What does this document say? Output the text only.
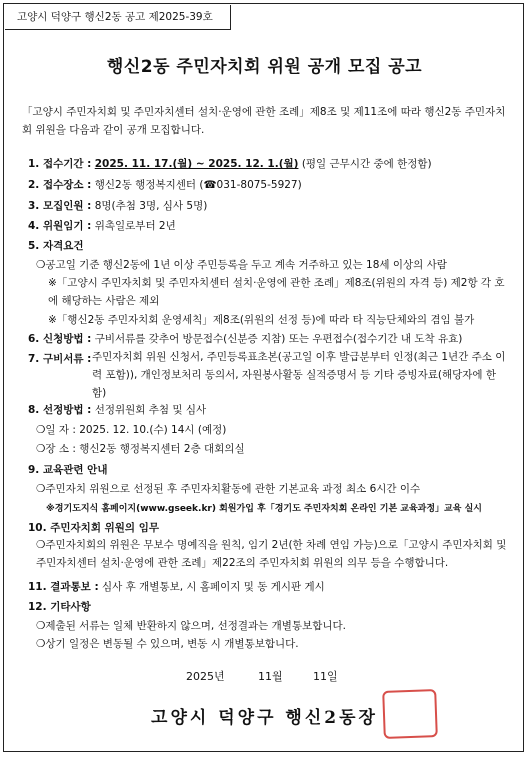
고양시 덕양구 행신2동 공고 제2025-39호
행신2동 주민자치회 위원 공개 모집 공고
「고양시 주민자치회 및 주민자치센터 설치·운영에 관한 조례」제8조 및 제11조에 따라 행신2동 주민자치회 위원을 다음과 같이 공개 모집합니다.
1. 접수기간 : 2025. 11. 17.(월) ~ 2025. 12. 1.(월) (평일 근무시간 중에 한정함)
2. 접수장소 : 행신2동 행정복지센터 (☎031-8075-5927)
3. 모집인원 : 8명(추첨 3명, 심사 5명)
4. 위원임기 : 위촉일로부터 2년
5. 자격요건
❍공고일 기준 행신2동에 1년 이상 주민등록을 두고 계속 거주하고 있는 18세 이상의 사람
※「고양시 주민자치회 및 주민자치센터 설치·운영에 관한 조례」제8조(위원의 자격 등) 제2항 각 호에 해당하는 사람은 제외
※「행신2동 주민자치회 운영세칙」제8조(위원의 선정 등)에 따라 타 직능단체와의 겸임 불가
6. 신청방법 : 구비서류를 갖추어 방문접수(신분증 지참) 또는 우편접수(접수기간 내 도착 유효)
7. 구비서류 : 주민자치회 위원 신청서, 주민등록표초본(공고일 이후 발급분부터 인정(최근 1년간 주소 이력 포함)), 개인정보처리 동의서, 자원봉사활동 실적증명서 등 기타 증빙자료(해당자에 한함)
8. 선정방법 : 선정위원회 추첨 및 심사
❍일 자 : 2025. 12. 10.(수) 14시 (예정)
❍장 소 : 행신2동 행정복지센터 2층 대회의실
9. 교육관련 안내
❍주민자치 위원으로 선정된 후 주민자치활동에 관한 기본교육 과정 최소 6시간 이수
※경기도지식 홈페이지(www.gseek.kr) 회원가입 후「경기도 주민자치회 온라인 기본 교육과정」교육 실시
10. 주민자치회 위원의 임무
❍주민자치회의 위원은 무보수 명예직을 원칙, 임기 2년(한 차례 연임 가능)으로「고양시 주민자치회 및 주민자치센터 설치·운영에 관한 조례」제22조의 주민자치회 위원의 의무 등을 수행합니다.
11. 결과통보 : 심사 후 개별통보, 시 홈페이지 및 동 게시판 게시
12. 기타사항
❍제출된 서류는 일체 반환하지 않으며, 선정결과는 개별통보합니다.
❍상기 일정은 변동될 수 있으며, 변동 시 개별통보합니다.
2025년	11월	11일
고양시 덕양구 행신2동장
